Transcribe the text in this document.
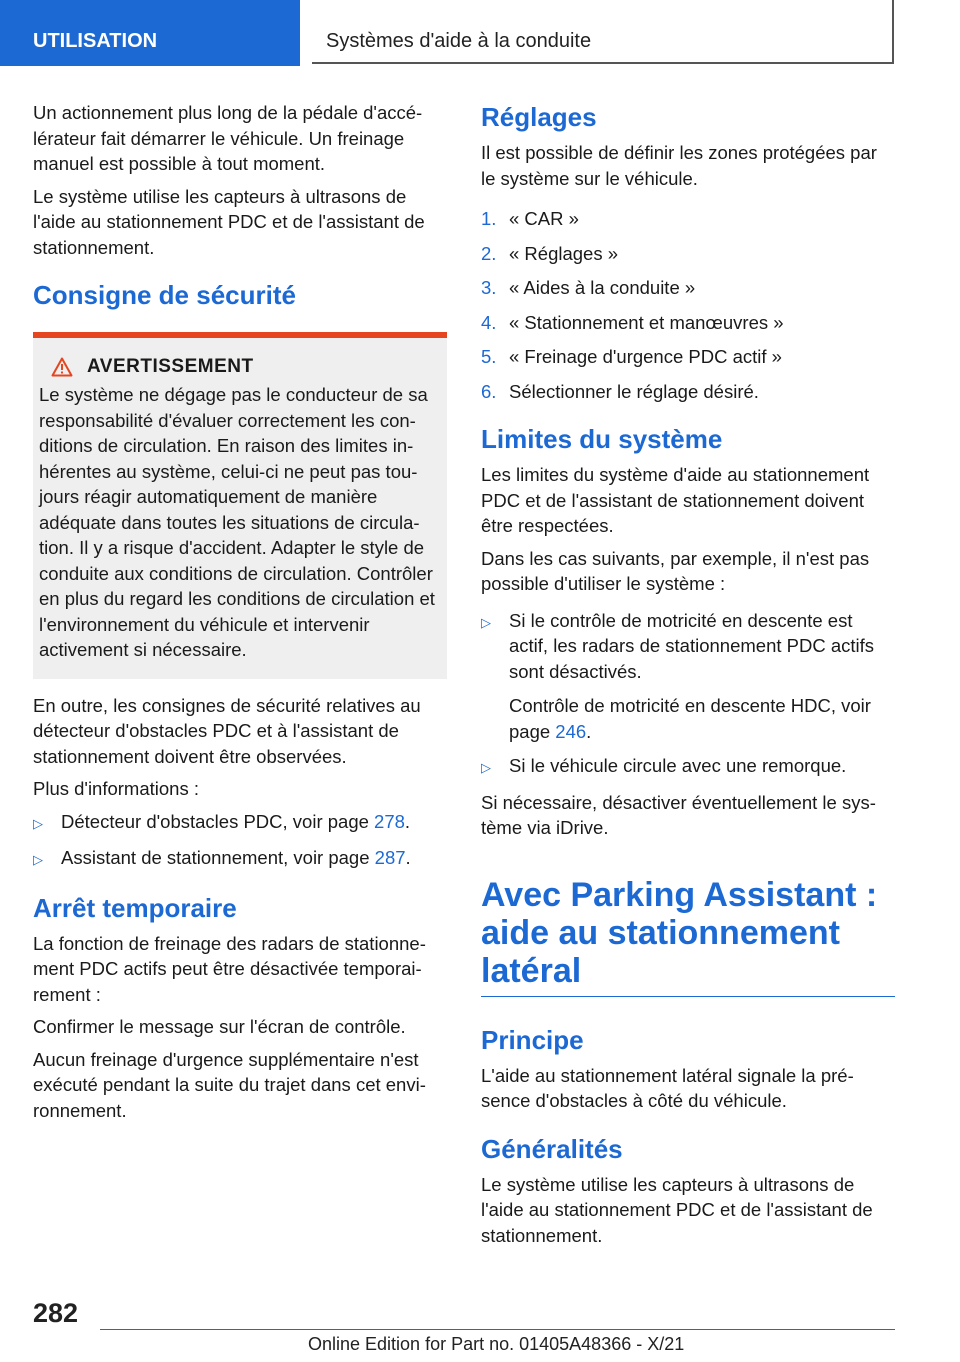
UTILISATION	Systèmes d'aide à la conduite

Un actionnement plus long de la pédale d'accélérateur fait démarrer le véhicule. Un freinage manuel est possible à tout moment.

Le système utilise les capteurs à ultrasons de l'aide au stationnement PDC et de l'assistant de stationnement.

Consigne de sécurité
AVERTISSEMENT

Le système ne dégage pas le conducteur de sa responsabilité d'évaluer correctement les conditions de circulation. En raison des limites inhérentes au système, celui-ci ne peut pas toujours réagir automatiquement de manière adéquate dans toutes les situations de circulation. Il y a risque d'accident. Adapter le style de conduite aux conditions de circulation. Contrôler en plus du regard les conditions de circulation et l'environnement du véhicule et intervenir activement si nécessaire.

En outre, les consignes de sécurité relatives au détecteur d'obstacles PDC et à l'assistant de stationnement doivent être observées.

Plus d'informations :

▷ Détecteur d'obstacles PDC, voir page 278.
▷ Assistant de stationnement, voir page 287.
Arrêt temporaire

La fonction de freinage des radars de stationnement PDC actifs peut être désactivée temporairement :

Confirmer le message sur l'écran de contrôle.

Aucun freinage d'urgence supplémentaire n'est exécuté pendant la suite du trajet dans cet environnement.

Réglages

Il est possible de définir les zones protégées par le système sur le véhicule.

1. « CAR »
2. « Réglages »
3. « Aides à la conduite »
4. « Stationnement et manœuvres »
5. « Freinage d'urgence PDC actif »
6. Sélectionner le réglage désiré.
Limites du système

Les limites du système d'aide au stationnement PDC et de l'assistant de stationnement doivent être respectées.

Dans les cas suivants, par exemple, il n'est pas possible d'utiliser le système :

▷ Si le contrôle de motricité en descente est actif, les radars de stationnement PDC actifs sont désactivés.
Contrôle de motricité en descente HDC, voir page 246.
▷ Si le véhicule circule avec une remorque.

Si nécessaire, désactiver éventuellement le système via iDrive.

Avec Parking Assistant :
aide au stationnement
latéral
Principe

L'aide au stationnement latéral signale la présence d'obstacles à côté du véhicule.

Généralités

Le système utilise les capteurs à ultrasons de l'aide au stationnement PDC et de l'assistant de stationnement.

282
Online Edition for Part no. 01405A48366 - X/21
